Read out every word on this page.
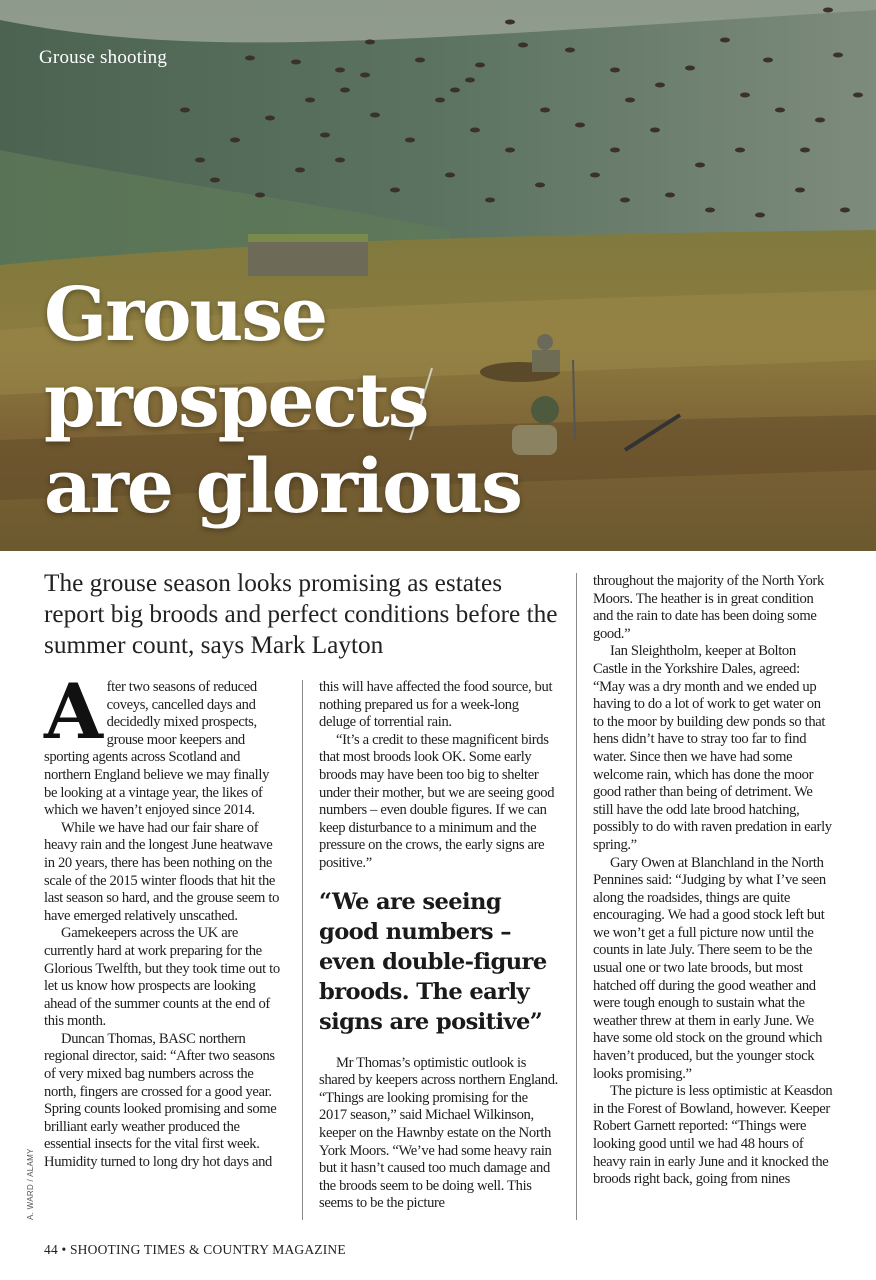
Grouse shooting
Grouse
prospects
are glorious

The grouse season looks promising as estates report big broods and perfect conditions before the summer count, says Mark Layton

A fter two seasons of reduced coveys, cancelled days and decidedly mixed prospects, grouse moor keepers and sporting agents across Scotland and northern England believe we may finally be looking at a vintage year, the likes of which we haven’t enjoyed since 2014.

While we have had our fair share of heavy rain and the longest June heatwave in 20 years, there has been nothing on the scale of the 2015 winter floods that hit the last season so hard, and the grouse seem to have emerged relatively unscathed.

Gamekeepers across the UK are currently hard at work preparing for the Glorious Twelfth, but they took time out to let us know how prospects are looking ahead of the summer counts at the end of this month.

Duncan Thomas, BASC northern regional director, said: “After two seasons of very mixed bag numbers across the north, fingers are crossed for a good year. Spring counts looked promising and some brilliant early weather produced the essential insects for the vital first week. Humidity turned to long dry hot days and

this will have affected the food source, but nothing prepared us for a week-long deluge of torrential rain.

“It’s a credit to these magnificent birds that most broods look OK. Some early broods may have been too big to shelter under their mother, but we are seeing good numbers – even double figures. If we can keep disturbance to a minimum and the pressure on the crows, the early signs are positive.”

“We are seeing good numbers – even double-figure broods. The early signs are positive”

Mr Thomas’s optimistic outlook is shared by keepers across northern England. “Things are looking promising for the 2017 season,” said Michael Wilkinson, keeper on the Hawnby estate on the North York Moors. “We’ve had some heavy rain but it hasn’t caused too much damage and the broods seem to be doing well. This seems to be the picture

throughout the majority of the North York Moors. The heather is in great condition and the rain to date has been doing some good.”

Ian Sleightholm, keeper at Bolton Castle in the Yorkshire Dales, agreed: “May was a dry month and we ended up having to do a lot of work to get water on to the moor by building dew ponds so that hens didn’t have to stray too far to find water. Since then we have had some welcome rain, which has done the moor good rather than being of detriment. We still have the odd late brood hatching, possibly to do with raven predation in early spring.”

Gary Owen at Blanchland in the North Pennines said: “Judging by what I’ve seen along the roadsides, things are quite encouraging. We had a good stock left but we won’t get a full picture now until the counts in late July. There seem to be the usual one or two late broods, but most hatched off during the good weather and were tough enough to sustain what the weather threw at them in early June. We have some old stock on the ground which haven’t produced, but the younger stock looks promising.”

The picture is less optimistic at Keasdon in the Forest of Bowland, however. Keeper Robert Garnett reported: “Things were looking good until we had 48 hours of heavy rain in early June and it knocked the broods right back, going from nines

A. WARD / ALAMY
44 • SHOOTING TIMES & COUNTRY MAGAZINE
